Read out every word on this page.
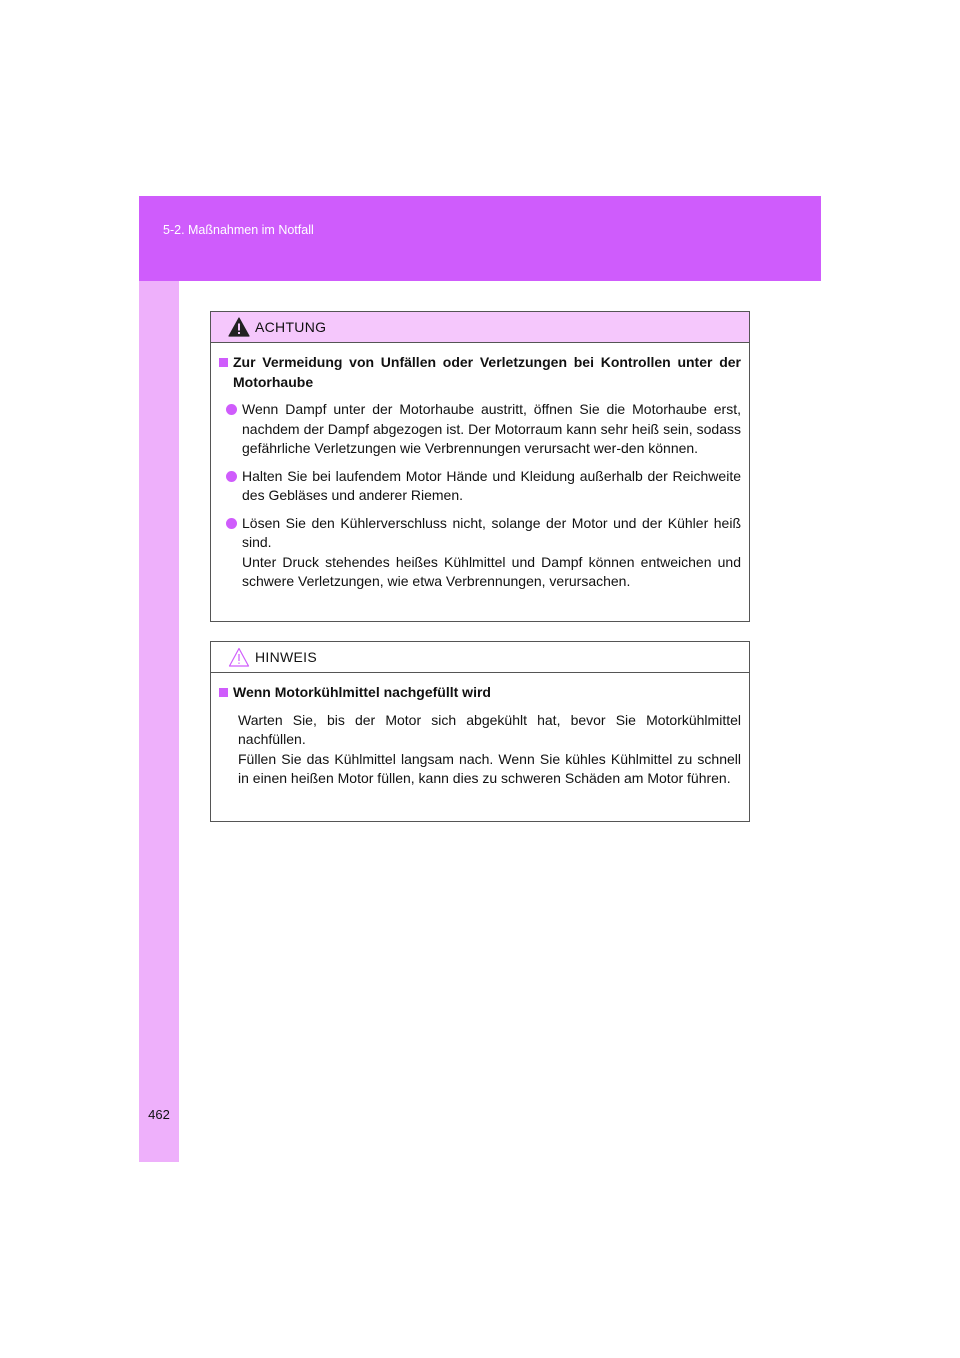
5-2. Maßnahmen im Notfall
ACHTUNG
Zur Vermeidung von Unfällen oder Verletzungen bei Kontrollen unter der Motorhaube
Wenn Dampf unter der Motorhaube austritt, öffnen Sie die Motorhaube erst, nachdem der Dampf abgezogen ist. Der Motorraum kann sehr heiß sein, sodass gefährliche Verletzungen wie Verbrennungen verursacht wer-den können.
Halten Sie bei laufendem Motor Hände und Kleidung außerhalb der Reichweite des Gebläses und anderer Riemen.
Lösen Sie den Kühlerverschluss nicht, solange der Motor und der Kühler heiß sind.
Unter Druck stehendes heißes Kühlmittel und Dampf können entweichen und schwere Verletzungen, wie etwa Verbrennungen, verursachen.
HINWEIS
Wenn Motorkühlmittel nachgefüllt wird
Warten Sie, bis der Motor sich abgekühlt hat, bevor Sie Motorkühlmittel nachfüllen.
Füllen Sie das Kühlmittel langsam nach. Wenn Sie kühles Kühlmittel zu schnell in einen heißen Motor füllen, kann dies zu schweren Schäden am Motor führen.
462
